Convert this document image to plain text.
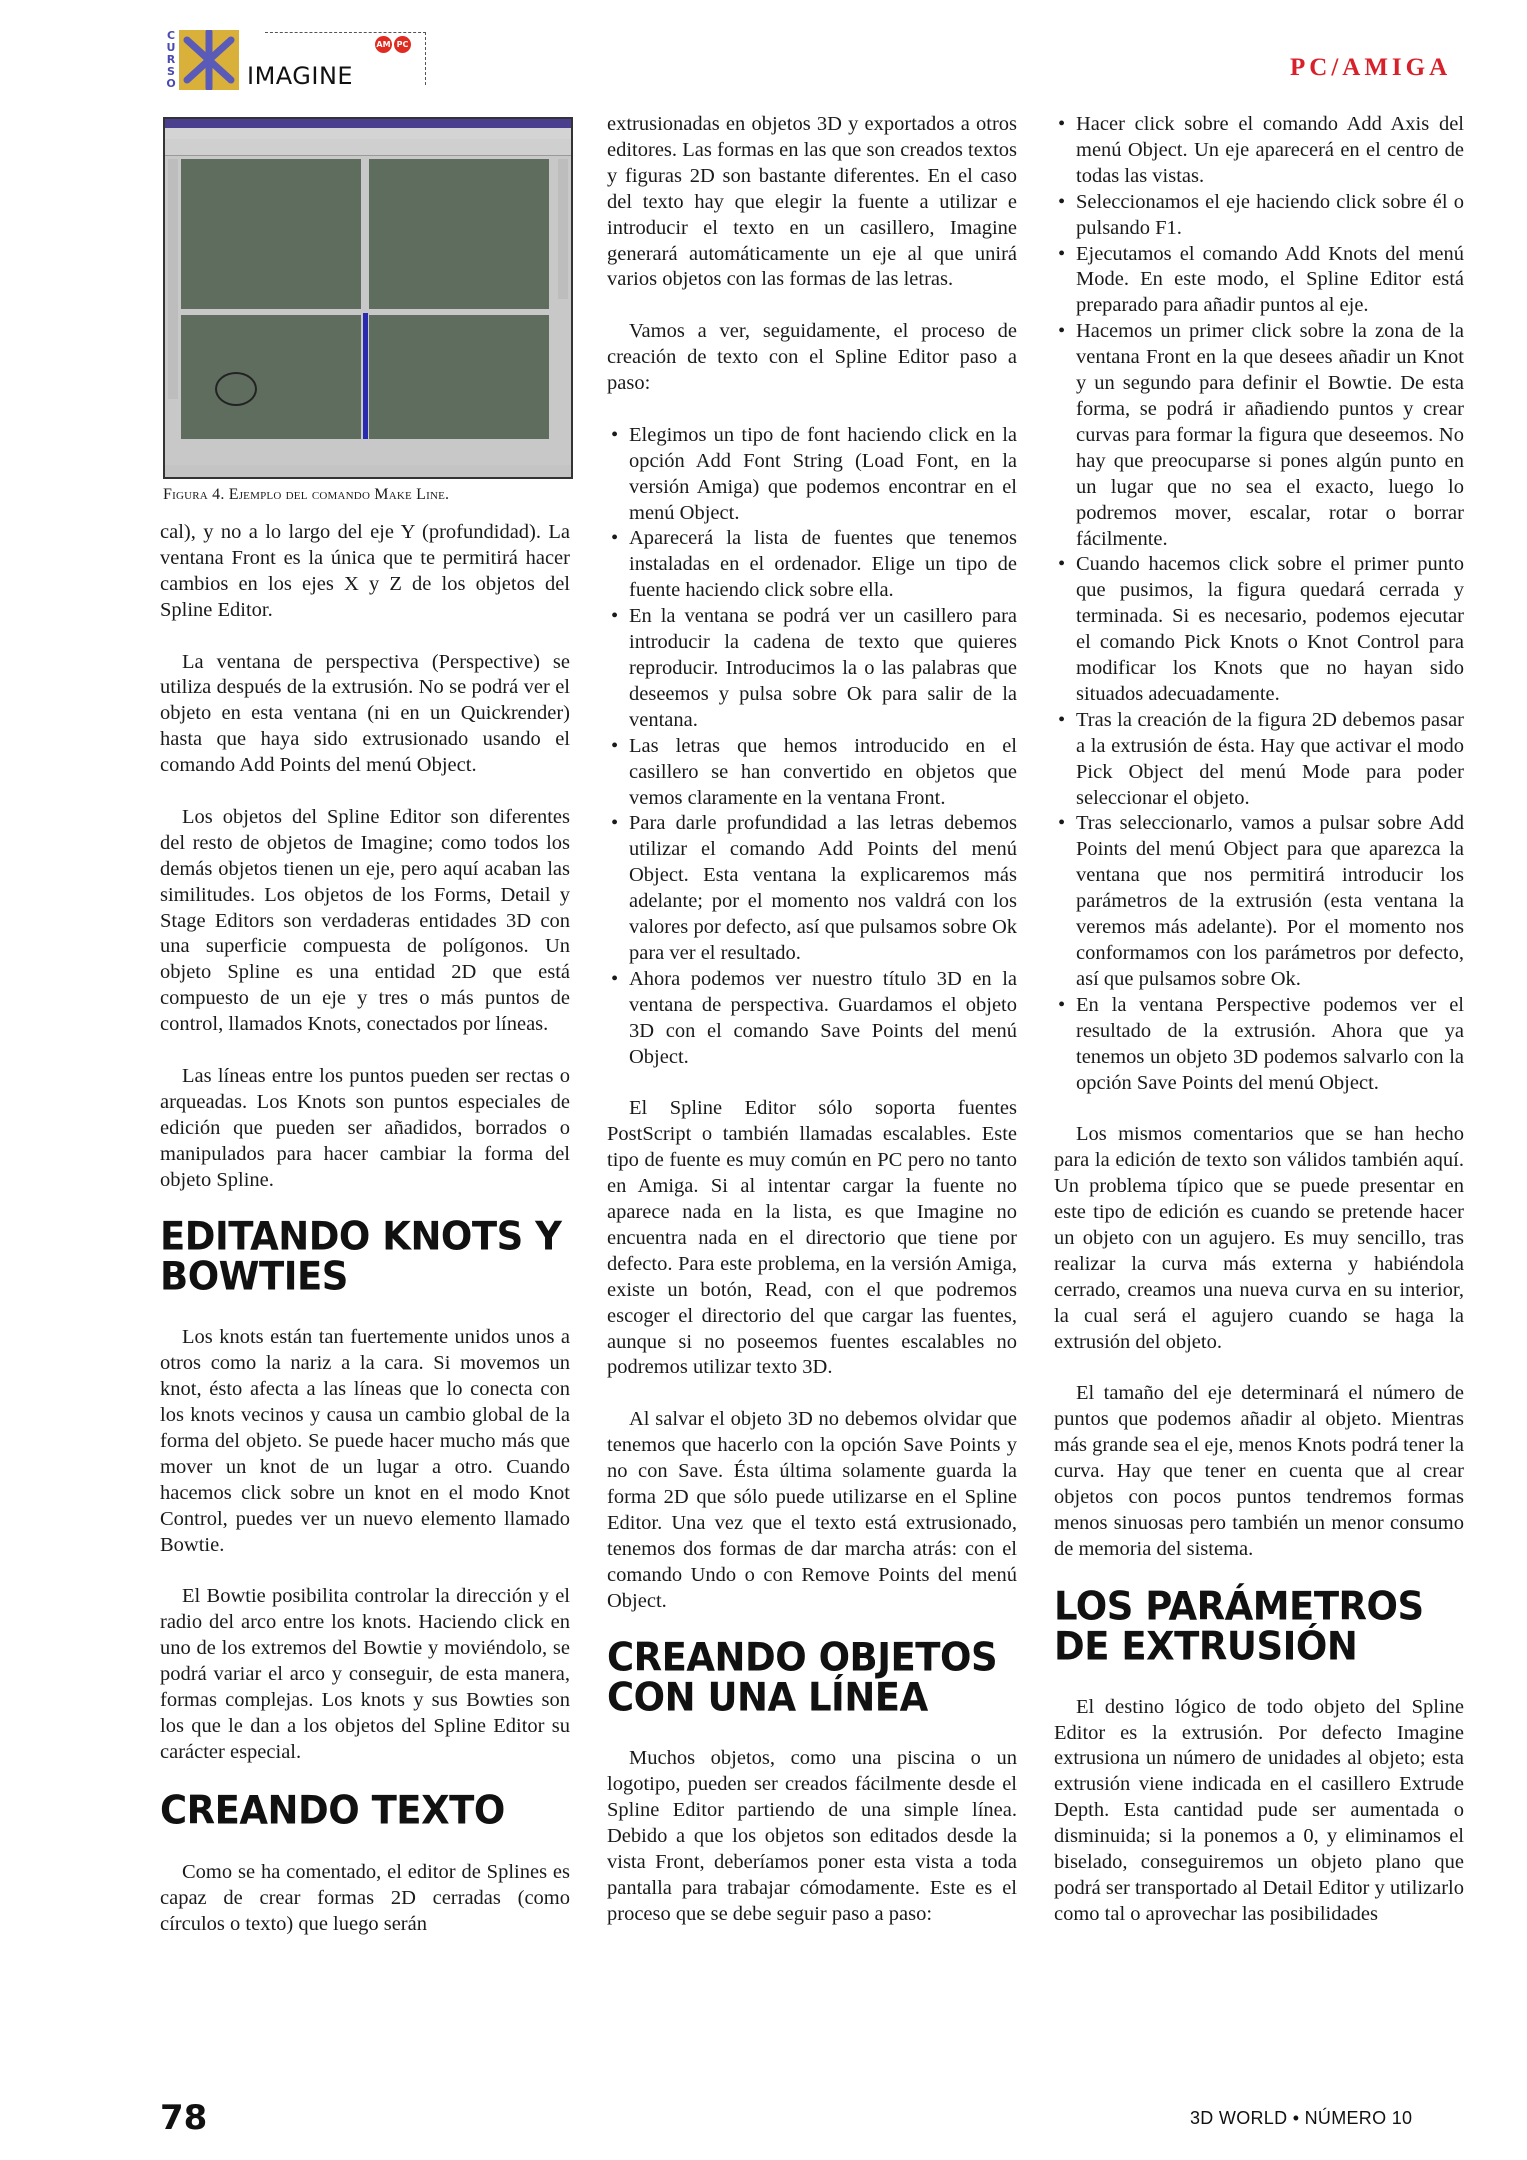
CURSO
AM PC
IMAGINE	PC/AMIGA
Figura 4. Ejemplo del comando Make Line.

cal), y no a lo largo del eje Y (profundidad). La ventana Front es la única que te permitirá hacer cambios en los ejes X y Z de los objetos del Spline Editor.

La ventana de perspectiva (Perspective) se utiliza después de la extrusión. No se podrá ver el objeto en esta ventana (ni en un Quickrender) hasta que haya sido extrusionado usando el comando Add Points del menú Object.

Los objetos del Spline Editor son diferentes del resto de objetos de Imagine; como todos los demás objetos tienen un eje, pero aquí acaban las similitudes. Los objetos de los Forms, Detail y Stage Editors son verdaderas entidades 3D con una superficie compuesta de polígonos. Un objeto Spline es una entidad 2D que está compuesto de un eje y tres o más puntos de control, llamados Knots, conectados por líneas.

Las líneas entre los puntos pueden ser rectas o arqueadas. Los Knots son puntos especiales de edición que pueden ser añadidos, borrados o manipulados para hacer cambiar la forma del objeto Spline.

EDITANDO KNOTS Y BOWTIES

Los knots están tan fuertemente unidos unos a otros como la nariz a la cara. Si movemos un knot, ésto afecta a las líneas que lo conecta con los knots vecinos y causa un cambio global de la forma del objeto. Se puede hacer mucho más que mover un knot de un lugar a otro. Cuando hacemos click sobre un knot en el modo Knot Control, puedes ver un nuevo elemento llamado Bowtie.

El Bowtie posibilita controlar la dirección y el radio del arco entre los knots. Haciendo click en uno de los extremos del Bowtie y moviéndolo, se podrá variar el arco y conseguir, de esta manera, formas complejas. Los knots y sus Bowties son los que le dan a los objetos del Spline Editor su carácter especial.

CREANDO TEXTO

Como se ha comentado, el editor de Splines es capaz de crear formas 2D cerradas (como círculos o texto) que luego serán

extrusionadas en objetos 3D y exportados a otros editores. Las formas en las que son creados textos y figuras 2D son bastante diferentes. En el caso del texto hay que elegir la fuente a utilizar e introducir el texto en un casillero, Imagine generará automáticamente un eje al que unirá varios objetos con las formas de las letras.

Vamos a ver, seguidamente, el proceso de creación de texto con el Spline Editor paso a paso:

• Elegimos un tipo de font haciendo click en la opción Add Font String (Load Font, en la versión Amiga) que podemos encontrar en el menú Object.
• Aparecerá la lista de fuentes que tenemos instaladas en el ordenador. Elige un tipo de fuente haciendo click sobre ella.
• En la ventana se podrá ver un casillero para introducir la cadena de texto que quieres reproducir. Introducimos la o las palabras que deseemos y pulsa sobre Ok para salir de la ventana.
• Las letras que hemos introducido en el casillero se han convertido en objetos que vemos claramente en la ventana Front.
• Para darle profundidad a las letras debemos utilizar el comando Add Points del menú Object. Esta ventana la explicaremos más adelante; por el momento nos valdrá con los valores por defecto, así que pulsamos sobre Ok para ver el resultado.
• Ahora podemos ver nuestro título 3D en la ventana de perspectiva. Guardamos el objeto 3D con el comando Save Points del menú Object.

El Spline Editor sólo soporta fuentes PostScript o también llamadas escalables. Este tipo de fuente es muy común en PC pero no tanto en Amiga. Si al intentar cargar la fuente no aparece nada en la lista, es que Imagine no encuentra nada en el directorio que tiene por defecto. Para este problema, en la versión Amiga, existe un botón, Read, con el que podremos escoger el directorio del que cargar las fuentes, aunque si no poseemos fuentes escalables no podremos utilizar texto 3D.

Al salvar el objeto 3D no debemos olvidar que tenemos que hacerlo con la opción Save Points y no con Save. Ésta última solamente guarda la forma 2D que sólo puede utilizarse en el Spline Editor. Una vez que el texto está extrusionado, tenemos dos formas de dar marcha atrás: con el comando Undo o con Remove Points del menú Object.

CREANDO OBJETOS CON UNA LÍNEA

Muchos objetos, como una piscina o un logotipo, pueden ser creados fácilmente desde el Spline Editor partiendo de una simple línea. Debido a que los objetos son editados desde la vista Front, deberíamos poner esta vista a toda pantalla para trabajar cómodamente. Este es el proceso que se debe seguir paso a paso:

• Hacer click sobre el comando Add Axis del menú Object. Un eje aparecerá en el centro de todas las vistas.
• Seleccionamos el eje haciendo click sobre él o pulsando F1.
• Ejecutamos el comando Add Knots del menú Mode. En este modo, el Spline Editor está preparado para añadir puntos al eje.
• Hacemos un primer click sobre la zona de la ventana Front en la que desees añadir un Knot y un segundo para definir el Bowtie. De esta forma, se podrá ir añadiendo puntos y crear curvas para formar la figura que deseemos. No hay que preocuparse si pones algún punto en un lugar que no sea el exacto, luego lo podremos mover, escalar, rotar o borrar fácilmente.
• Cuando hacemos click sobre el primer punto que pusimos, la figura quedará cerrada y terminada. Si es necesario, podemos ejecutar el comando Pick Knots o Knot Control para modificar los Knots que no hayan sido situados adecuadamente.
• Tras la creación de la figura 2D debemos pasar a la extrusión de ésta. Hay que activar el modo Pick Object del menú Mode para poder seleccionar el objeto.
• Tras seleccionarlo, vamos a pulsar sobre Add Points del menú Object para que aparezca la ventana que nos permitirá introducir los parámetros de la extrusión (esta ventana la veremos más adelante). Por el momento nos conformamos con los parámetros por defecto, así que pulsamos sobre Ok.
• En la ventana Perspective podemos ver el resultado de la extrusión. Ahora que ya tenemos un objeto 3D podemos salvarlo con la opción Save Points del menú Object.

Los mismos comentarios que se han hecho para la edición de texto son válidos también aquí. Un problema típico que se puede presentar en este tipo de edición es cuando se pretende hacer un objeto con un agujero. Es muy sencillo, tras realizar la curva más externa y habiéndola cerrado, creamos una nueva curva en su interior, la cual será el agujero cuando se haga la extrusión del objeto.

El tamaño del eje determinará el número de puntos que podemos añadir al objeto. Mientras más grande sea el eje, menos Knots podrá tener la curva. Hay que tener en cuenta que al crear objetos con pocos puntos tendremos formas menos sinuosas pero también un menor consumo de memoria del sistema.

LOS PARÁMETROS DE EXTRUSIÓN

El destino lógico de todo objeto del Spline Editor es la extrusión. Por defecto Imagine extrusiona un número de unidades al objeto; esta extrusión viene indicada en el casillero Extrude Depth. Esta cantidad pude ser aumentada o disminuida; si la ponemos a 0, y eliminamos el biselado, conseguiremos un objeto plano que podrá ser transportado al Detail Editor y utilizarlo como tal o aprovechar las posibilidades

78	3D WORLD • NÚMERO 10
